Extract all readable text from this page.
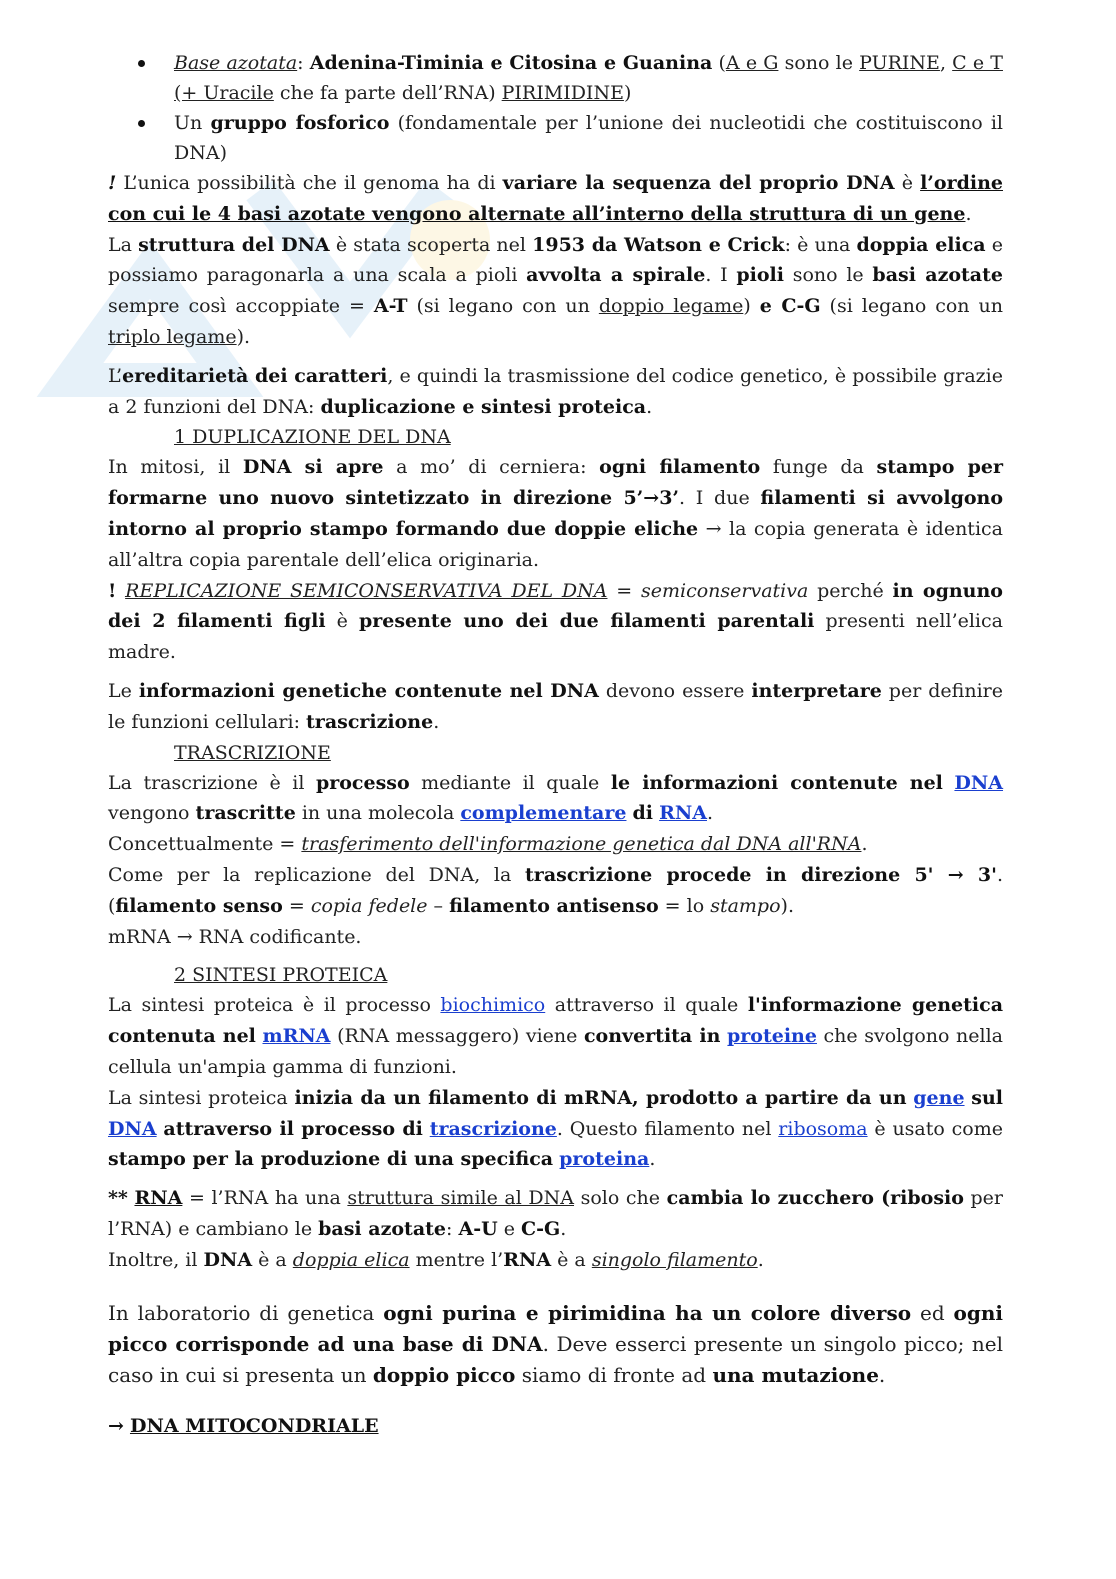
Base azotata: Adenina-Timinia e Citosina e Guanina (A e G sono le PURINE, C e T (+ Uracile che fa parte dell’RNA) PIRIMIDINE)
Un gruppo fosforico (fondamentale per l’unione dei nucleotidi che costituiscono il DNA)

! L’unica possibilità che il genoma ha di variare la sequenza del proprio DNA è l’ordine con cui le 4 basi azotate vengono alternate all’interno della struttura di un gene.

La struttura del DNA è stata scoperta nel 1953 da Watson e Crick: è una doppia elica e possiamo paragonarla a una scala a pioli avvolta a spirale. I pioli sono le basi azotate sempre così accoppiate = A-T (si legano con un doppio legame) e C-G (si legano con un triplo legame).

L’ereditarietà dei caratteri, e quindi la trasmissione del codice genetico, è possibile grazie a 2 funzioni del DNA: duplicazione e sintesi proteica.

1 DUPLICAZIONE DEL DNA

In mitosi, il DNA si apre a mo’ di cerniera: ogni filamento funge da stampo per formarne uno nuovo sintetizzato in direzione 5’→3’. I due filamenti si avvolgono intorno al proprio stampo formando due doppie eliche → la copia generata è identica all’altra copia parentale dell’elica originaria.

! REPLICAZIONE SEMICONSERVATIVA DEL DNA = semiconservativa perché in ognuno dei 2 filamenti figli è presente uno dei due filamenti parentali presenti nell’elica madre.

Le informazioni genetiche contenute nel DNA devono essere interpretare per definire le funzioni cellulari: trascrizione.

TRASCRIZIONE

La trascrizione è il processo mediante il quale le informazioni contenute nel DNA vengono trascritte in una molecola complementare di RNA.

Concettualmente = trasferimento dell'informazione genetica dal DNA all'RNA.

Come per la replicazione del DNA, la trascrizione procede in direzione 5' → 3'. (filamento senso = copia fedele – filamento antisenso = lo stampo).

mRNA → RNA codificante.

2 SINTESI PROTEICA

La sintesi proteica è il processo biochimico attraverso il quale l'informazione genetica contenuta nel mRNA (RNA messaggero) viene convertita in proteine che svolgono nella cellula un'ampia gamma di funzioni.

La sintesi proteica inizia da un filamento di mRNA, prodotto a partire da un gene sul DNA attraverso il processo di trascrizione. Questo filamento nel ribosoma è usato come stampo per la produzione di una specifica proteina.

** RNA = l’RNA ha una struttura simile al DNA solo che cambia lo zucchero (ribosio per l’RNA) e cambiano le basi azotate: A-U e C-G.

Inoltre, il DNA è a doppia elica mentre l’RNA è a singolo filamento.

In laboratorio di genetica ogni purina e pirimidina ha un colore diverso ed ogni picco corrisponde ad una base di DNA. Deve esserci presente un singolo picco; nel caso in cui si presenta un doppio picco siamo di fronte ad una mutazione.

→ DNA MITOCONDRIALE
